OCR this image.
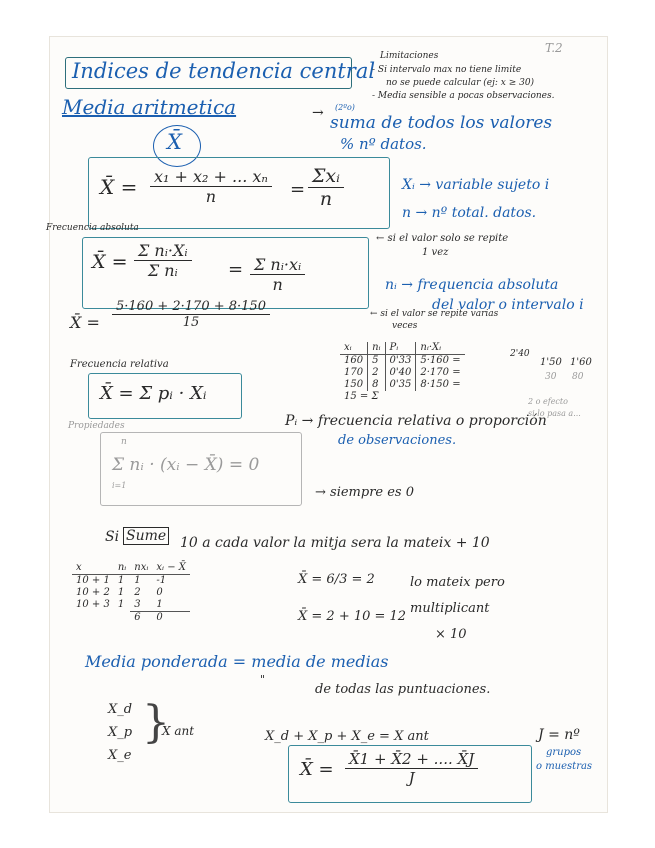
T.2
Indices de tendencia central
Limitaciones
- Si intervalo max no tiene limite
no se puede calcular (ej: x ≥ 30)
- Media sensible a pocas observaciones.
Media aritmetica	→ suma de todos los valores
(2ºo)
% nº datos.
X̄
X̄ = $\frac{\text{x₁ + x₂ + ... xₙ}}{n}$ =
Σxᵢ
n
Xᵢ → variable sujeto i
n → nº total. datos.
← si el valor solo se repite
1 vez
Frecuencia absoluta
X̄ = $\frac{\text{Σ nᵢ·Xᵢ}}{\text{Σ nᵢ}} = \frac{\text{Σ nᵢ·xᵢ}}{n}$	nᵢ → frequencia absoluta
del valor o intervalo i
← si el valor se repite varias
veces
X̄ = $\frac{5\cdot 160 + 2\cdot 170 + 8\cdot 150}{15}$
xᵢ	nᵢ	Pᵢ	nᵢ·Xᵢ
160	5	0'33	5·160 =
170	2	0'40	2·170 =
150	8	0'35	8·150 =
15 = Σ			
2'40
1'50 1'60
30 80
2 o efecto
si lo pasa a...
Frecuencia relativa
X̄ = Σ pᵢ · Xᵢ
Pᵢ → frecuencia relativa o proporción
de observaciones.
Propiedades
n
i=1
Σ nᵢ · (xᵢ − X̄) = 0
→ siempre es 0
Si Sume 10 a cada valor la mitja sera la mateix + 10
x	nᵢ	nxᵢ	xᵢ − X̄
10 + 1	1	1	-1
10 + 2	1	2	0
10 + 3	1	3	1
		6	0
X̄ = 6/3 = 2
X̄ = 2 + 10 = 12
lo mateix pero
multiplicant
× 10
Media ponderada = media de medias
"
de todas las puntuaciones.
X_d
X_p
X_e
}
X ant	X_d + X_p + X_e = X ant
X̄ = $\frac{X̄1 + X̄2 + .... X̄J}{J}$
J = nº
grupos
o muestras
